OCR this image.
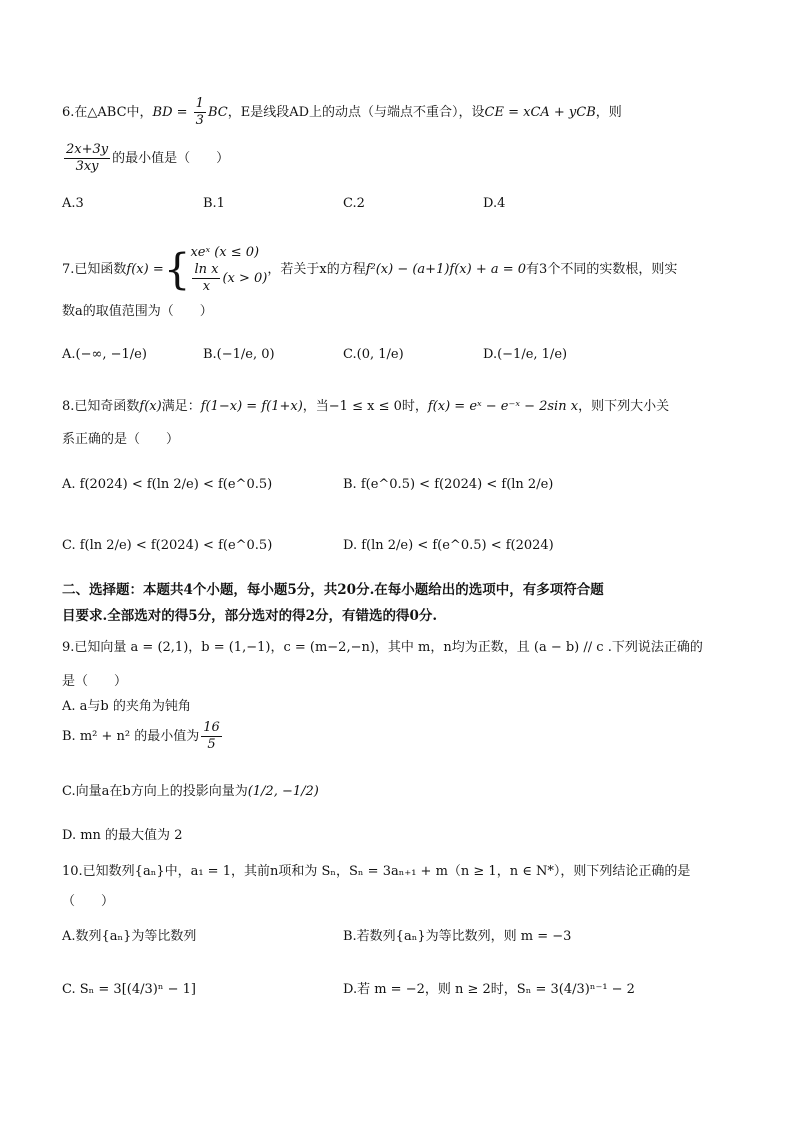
6.在△ABC中，BD = $\frac{1}{3}$ BC，E是线段AD上的动点（与端点不重合），设CE = xCA + yCB，则
$\frac{2x+3y}{3xy}$ 的最小值是（　　）
A.3	B.1	C.2	D.4
7.已知函数f(x) ={ xeˣ (x ≤ 0)
$\frac{\text{ln x}}{x} (x > 0)$
，若关于x的方程f²(x) − (a+1)f(x) + a = 0有3个不同的实数根，则实
数a的取值范围为（　　）
A.(−∞, −1/e)	B.(−1/e, 0)	C.(0, 1/e)	D.(−1/e, 1/e)
8.已知奇函数f(x)满足：f(1−x) = f(1+x)，当−1 ≤ x ≤ 0时，f(x) = eˣ − e⁻ˣ − 2sin x，则下列大小关
系正确的是（　　）
A. f(2024) < f(ln 2/e) < f(e^0.5)	B. f(e^0.5) < f(2024) < f(ln 2/e)
C. f(ln 2/e) < f(2024) < f(e^0.5)	D. f(ln 2/e) < f(e^0.5) < f(2024)
二、选择题：本题共4个小题，每小题5分，共20分.在每小题给出的选项中，有多项符合题
目要求.全部选对的得5分，部分选对的得2分，有错选的得0分.
9.已知向量 a = (2,1)，b = (1,−1)，c = (m−2,−n)，其中 m，n均为正数，且 (a − b) // c .下列说法正确的
是（　　）
A. a与b 的夹角为钝角
B. m² + n² 的最小值为 $\frac{16}{5}$
C.向量a在b方向上的投影向量为(1/2, −1/2)
D. mn 的最大值为 2
10.已知数列{aₙ}中，a₁ = 1，其前n项和为 Sₙ，Sₙ = 3aₙ₊₁ + m（n ≥ 1，n ∈ N*），则下列结论正确的是
（　　）
A.数列{aₙ}为等比数列	B.若数列{aₙ}为等比数列，则 m = −3
C. Sₙ = 3[(4/3)ⁿ − 1]	D.若 m = −2，则 n ≥ 2时，Sₙ = 3(4/3)ⁿ⁻¹ − 2
